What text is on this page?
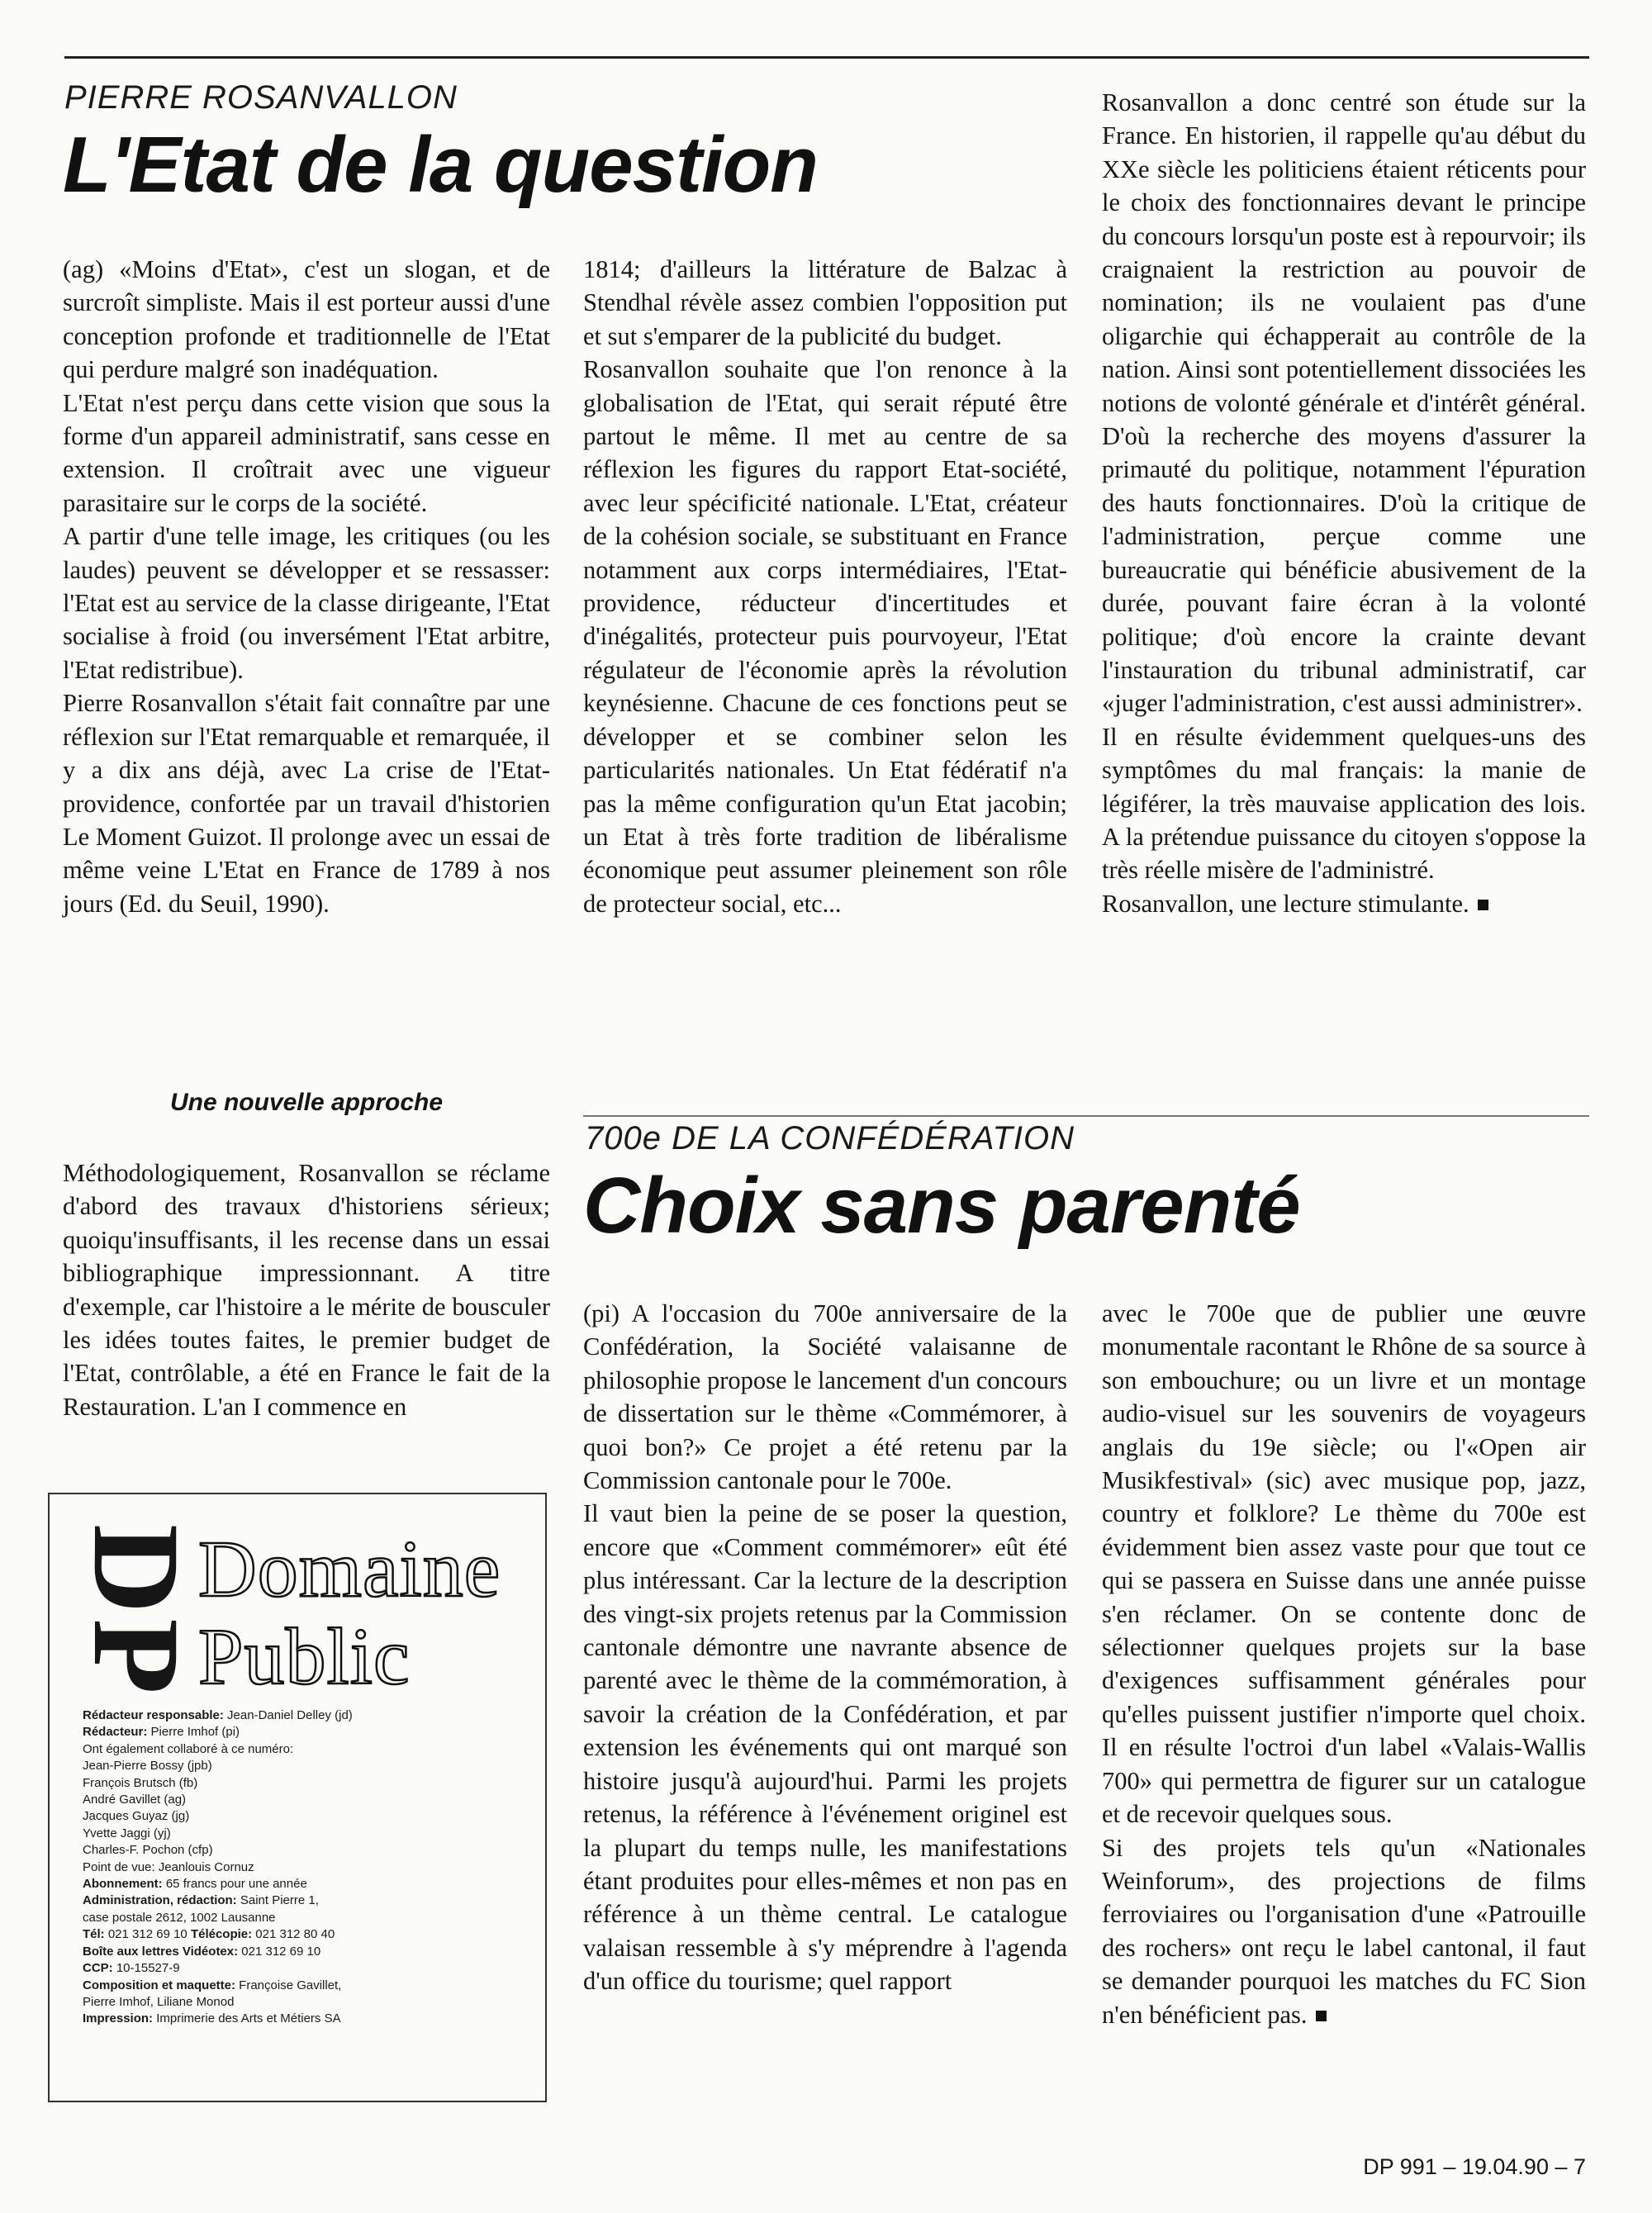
PIERRE ROSANVALLON

L'Etat de la question

(ag) «Moins d'Etat», c'est un slogan, et de surcroît simpliste. Mais il est porteur aussi d'une conception profonde et traditionnelle de l'Etat qui perdure malgré son inadéquation.

L'Etat n'est perçu dans cette vision que sous la forme d'un appareil administratif, sans cesse en extension. Il croîtrait avec une vigueur parasitaire sur le corps de la société.

A partir d'une telle image, les critiques (ou les laudes) peuvent se développer et se ressasser: l'Etat est au service de la classe dirigeante, l'Etat socialise à froid (ou inversément l'Etat arbitre, l'Etat redistribue).

Pierre Rosanvallon s'était fait connaître par une réflexion sur l'Etat remarquable et remarquée, il y a dix ans déjà, avec La crise de l'Etat-providence, confortée par un travail d'historien Le Moment Guizot. Il prolonge avec un essai de même veine L'Etat en France de 1789 à nos jours (Ed. du Seuil, 1990).

Une nouvelle approche

Méthodologiquement, Rosanvallon se réclame d'abord des travaux d'historiens sérieux; quoiqu'insuffisants, il les recense dans un essai bibliographique impressionnant. A titre d'exemple, car l'histoire a le mérite de bousculer les idées toutes faites, le premier budget de l'Etat, contrôlable, a été en France le fait de la Restauration. L'an I commence en

1814; d'ailleurs la littérature de Balzac à Stendhal révèle assez combien l'opposition put et sut s'emparer de la publicité du budget.

Rosanvallon souhaite que l'on renonce à la globalisation de l'Etat, qui serait réputé être partout le même. Il met au centre de sa réflexion les figures du rapport Etat-société, avec leur spécificité nationale. L'Etat, créateur de la cohésion sociale, se substituant en France notamment aux corps intermédiaires, l'Etat-providence, réducteur d'incertitudes et d'inégalités, protecteur puis pourvoyeur, l'Etat régulateur de l'économie après la révolution keynésienne. Chacune de ces fonctions peut se développer et se combiner selon les particularités nationales. Un Etat fédératif n'a pas la même configuration qu'un Etat jacobin; un Etat à très forte tradition de libéralisme économique peut assumer pleinement son rôle de protecteur social, etc...

Rosanvallon a donc centré son étude sur la France. En historien, il rappelle qu'au début du XXe siècle les politiciens étaient réticents pour le choix des fonctionnaires devant le principe du concours lorsqu'un poste est à repourvoir; ils craignaient la restriction au pouvoir de nomination; ils ne voulaient pas d'une oligarchie qui échapperait au contrôle de la nation. Ainsi sont potentiellement dissociées les notions de volonté générale et d'intérêt général. D'où la recherche des moyens d'assurer la primauté du politique, notamment l'épuration des hauts fonctionnaires. D'où la critique de l'administration, perçue comme une bureaucratie qui bénéficie abusivement de la durée, pouvant faire écran à la volonté politique; d'où encore la crainte devant l'instauration du tribunal administratif, car «juger l'administration, c'est aussi administrer».

Il en résulte évidemment quelques-uns des symptômes du mal français: la manie de légiférer, la très mauvaise application des lois. A la prétendue puissance du citoyen s'oppose la très réelle misère de l'administré.

Rosanvallon, une lecture stimulante.

700e DE LA CONFÉDÉRATION

Choix sans parenté

(pi) A l'occasion du 700e anniversaire de la Confédération, la Société valaisanne de philosophie propose le lancement d'un concours de dissertation sur le thème «Commémorer, à quoi bon?» Ce projet a été retenu par la Commission cantonale pour le 700e.

Il vaut bien la peine de se poser la question, encore que «Comment commémorer» eût été plus intéressant. Car la lecture de la description des vingt-six projets retenus par la Commission cantonale démontre une navrante absence de parenté avec le thème de la commémoration, à savoir la création de la Confédération, et par extension les événements qui ont marqué son histoire jusqu'à aujourd'hui. Parmi les projets retenus, la référence à l'événement originel est la plupart du temps nulle, les manifestations étant produites pour elles-mêmes et non pas en référence à un thème central. Le catalogue valaisan ressemble à s'y méprendre à l'agenda d'un office du tourisme; quel rapport

avec le 700e que de publier une œuvre monumentale racontant le Rhône de sa source à son embouchure; ou un livre et un montage audio-visuel sur les souvenirs de voyageurs anglais du 19e siècle; ou l'«Open air Musikfestival» (sic) avec musique pop, jazz, country et folklore? Le thème du 700e est évidemment bien assez vaste pour que tout ce qui se passera en Suisse dans une année puisse s'en réclamer. On se contente donc de sélectionner quelques projets sur la base d'exigences suffisamment générales pour qu'elles puissent justifier n'importe quel choix. Il en résulte l'octroi d'un label «Valais-Wallis 700» qui permettra de figurer sur un catalogue et de recevoir quelques sous.

Si des projets tels qu'un «Nationales Weinforum», des projections de films ferroviaires ou l'organisation d'une «Patrouille des rochers» ont reçu le label cantonal, il faut se demander pourquoi les matches du FC Sion n'en bénéficient pas.

DP
Domaine
Public
Rédacteur responsable: Jean-Daniel Delley (jd)
Rédacteur: Pierre Imhof (pi)
Ont également collaboré à ce numéro:
Jean-Pierre Bossy (jpb)
François Brutsch (fb)
André Gavillet (ag)
Jacques Guyaz (jg)
Yvette Jaggi (yj)
Charles-F. Pochon (cfp)
Point de vue: Jeanlouis Cornuz
Abonnement: 65 francs pour une année
Administration, rédaction: Saint Pierre 1,
case postale 2612, 1002 Lausanne
Tél: 021 312 69 10 Télécopie: 021 312 80 40
Boîte aux lettres Vidéotex: 021 312 69 10
CCP: 10-15527-9
Composition et maquette: Françoise Gavillet,
Pierre Imhof, Liliane Monod
Impression: Imprimerie des Arts et Métiers SA
DP 991 – 19.04.90 – 7
